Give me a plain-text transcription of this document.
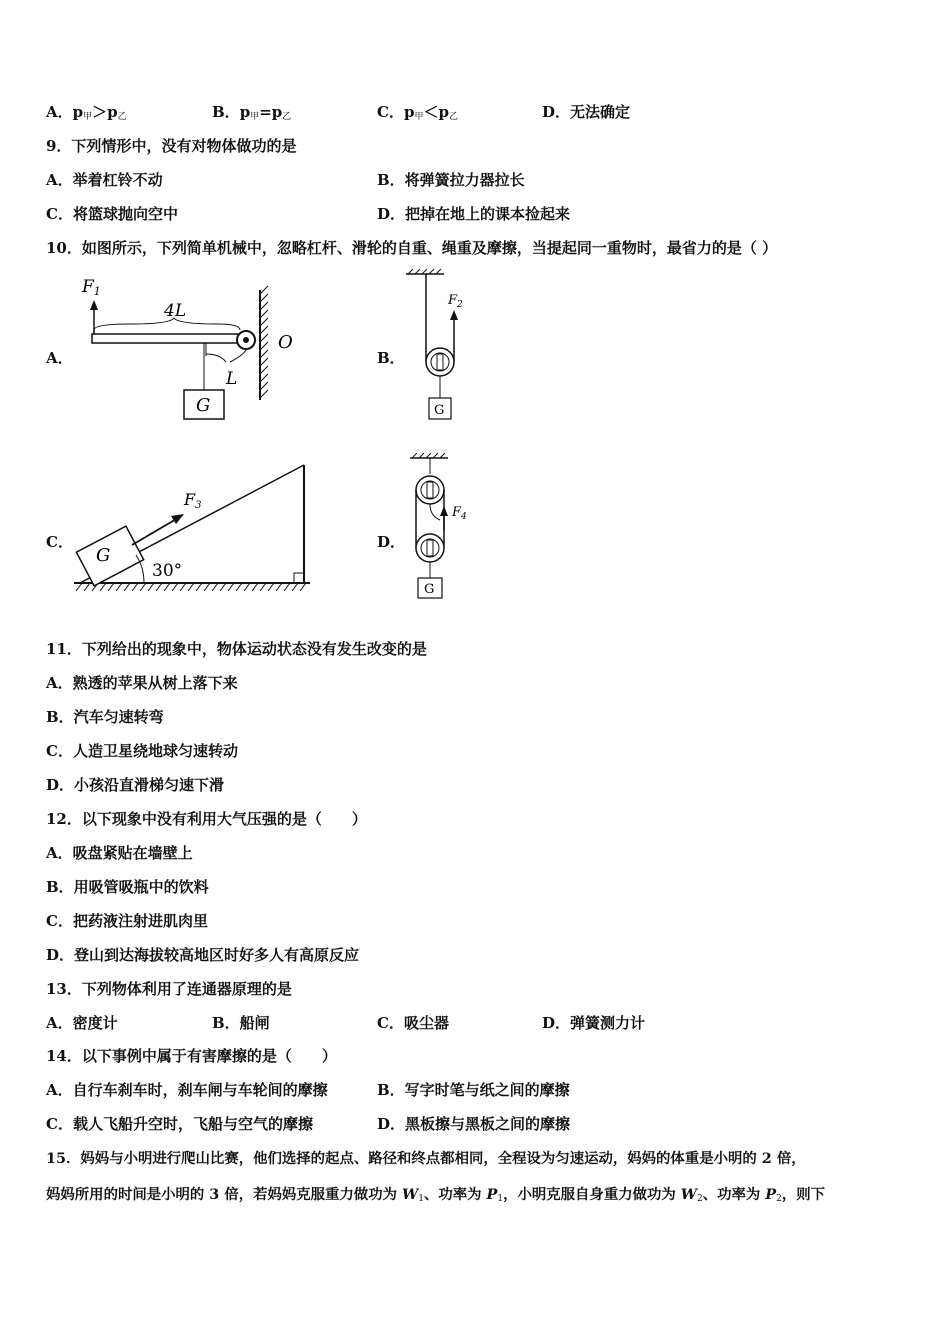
A．$p_甲>p_乙$	B．$p_甲=p_乙$	C．$p_甲<p_乙$	D．无法确定
9．下列情形中，没有对物体做功的是
A．举着杠铃不动	B．将弹簧拉力器拉长
C．将篮球抛向空中	D．把掉在地上的课本捡起来
10．如图所示，下列简单机械中，忽略杠杆、滑轮的自重、绳重及摩擦，当提起同一重物时，最省力的是（ ）
A．	B．
C．	D．
F1
4L
L
O
G	G
$F_2$
G
F3
30°
$F_4$
G
11．下列给出的现象中，物体运动状态没有发生改变的是
A．熟透的苹果从树上落下来
B．汽车匀速转弯
C．人造卫星绕地球匀速转动
D．小孩沿直滑梯匀速下滑
12．以下现象中没有利用大气压强的是（　　）
A．吸盘紧贴在墙壁上
B．用吸管吸瓶中的饮料
C．把药液注射进肌肉里
D．登山到达海拔较高地区时好多人有高原反应
13．下列物体利用了连通器原理的是
A．密度计	B．船闸	C．吸尘器	D．弹簧测力计
14．以下事例中属于有害摩擦的是（　　）
A．自行车刹车时，刹车闸与车轮间的摩擦	B．写字时笔与纸之间的摩擦
C．载人飞船升空时，飞船与空气的摩擦	D．黑板擦与黑板之间的摩擦
15．妈妈与小明进行爬山比赛，他们选择的起点、路径和终点都相同，全程设为匀速运动，妈妈的体重是小明的 2 倍，
妈妈所用的时间是小明的 3 倍，若妈妈克服重力做功为 $W_1$、功率为 $P_1$，小明克服自身重力做功为 $W_2$、功率为 $P_2$，则下
